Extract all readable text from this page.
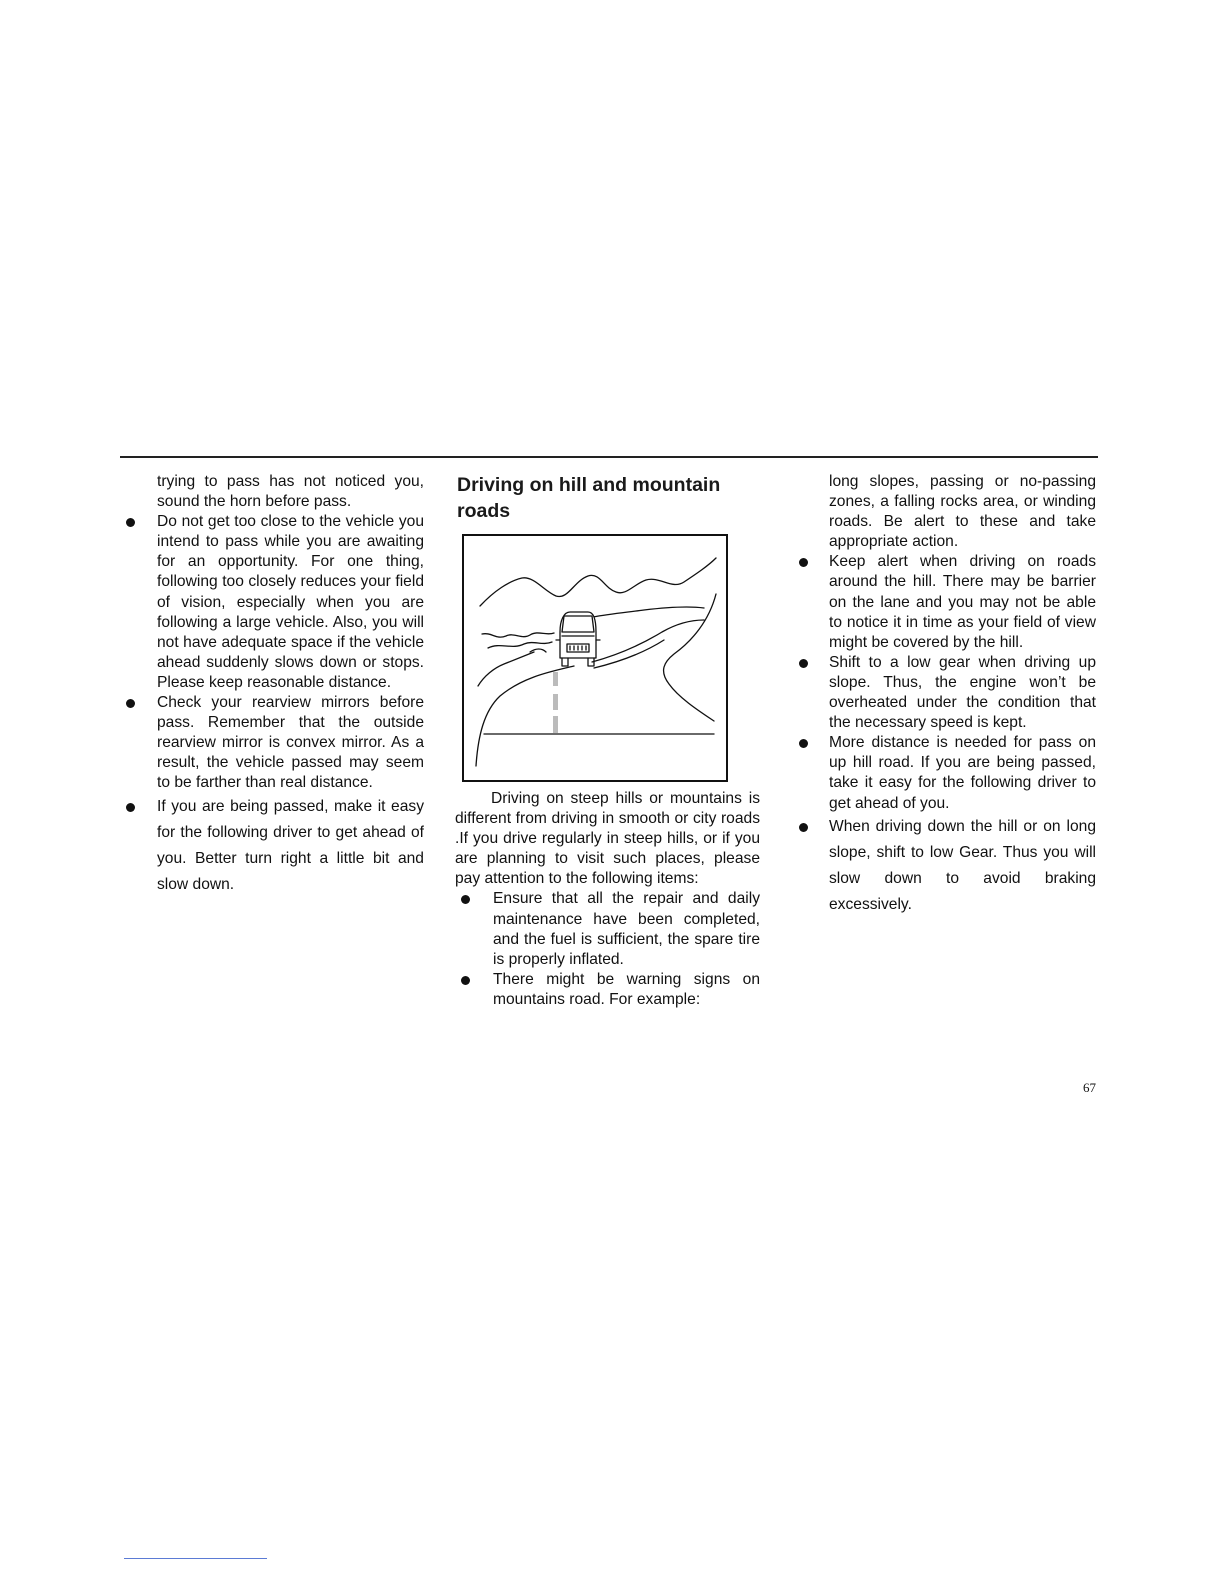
trying to pass has not noticed you, sound the horn before pass.

Do not get too close to the vehicle you intend to pass while you are awaiting for an opportunity. For one thing, following too closely reduces your field of vision, especially when you are following a large vehicle. Also, you will not have adequate space if the vehicle ahead suddenly slows down or stops. Please keep reasonable distance.
Check your rearview mirrors before pass. Remember that the outside rearview mirror is convex mirror. As a result, the vehicle passed may seem to be farther than real distance.
If you are being passed, make it easy for the following driver to get ahead of you. Better turn right a little bit and slow down.
Driving on hill and mountain roads

Driving on steep hills or mountains is different from driving in smooth or city roads .If you drive regularly in steep hills, or if you are planning to visit such places, please pay attention to the following items:

Ensure that all the repair and daily maintenance have been completed, and the fuel is sufficient, the spare tire is properly inflated.
There might be warning signs on mountains road. For example:

long slopes, passing or no-passing zones, a falling rocks area, or winding roads. Be alert to these and take appropriate action.

Keep alert when driving on roads around the hill. There may be barrier on the lane and you may not be able to notice it in time as your field of view might be covered by the hill.
Shift to a low gear when driving up slope. Thus, the engine won’t be overheated under the condition that the necessary speed is kept.
More distance is needed for pass on up hill road. If you are being passed, take it easy for the following driver to get ahead of you.
When driving down the hill or on long slope, shift to low Gear. Thus you will slow down to avoid braking excessively.
67
